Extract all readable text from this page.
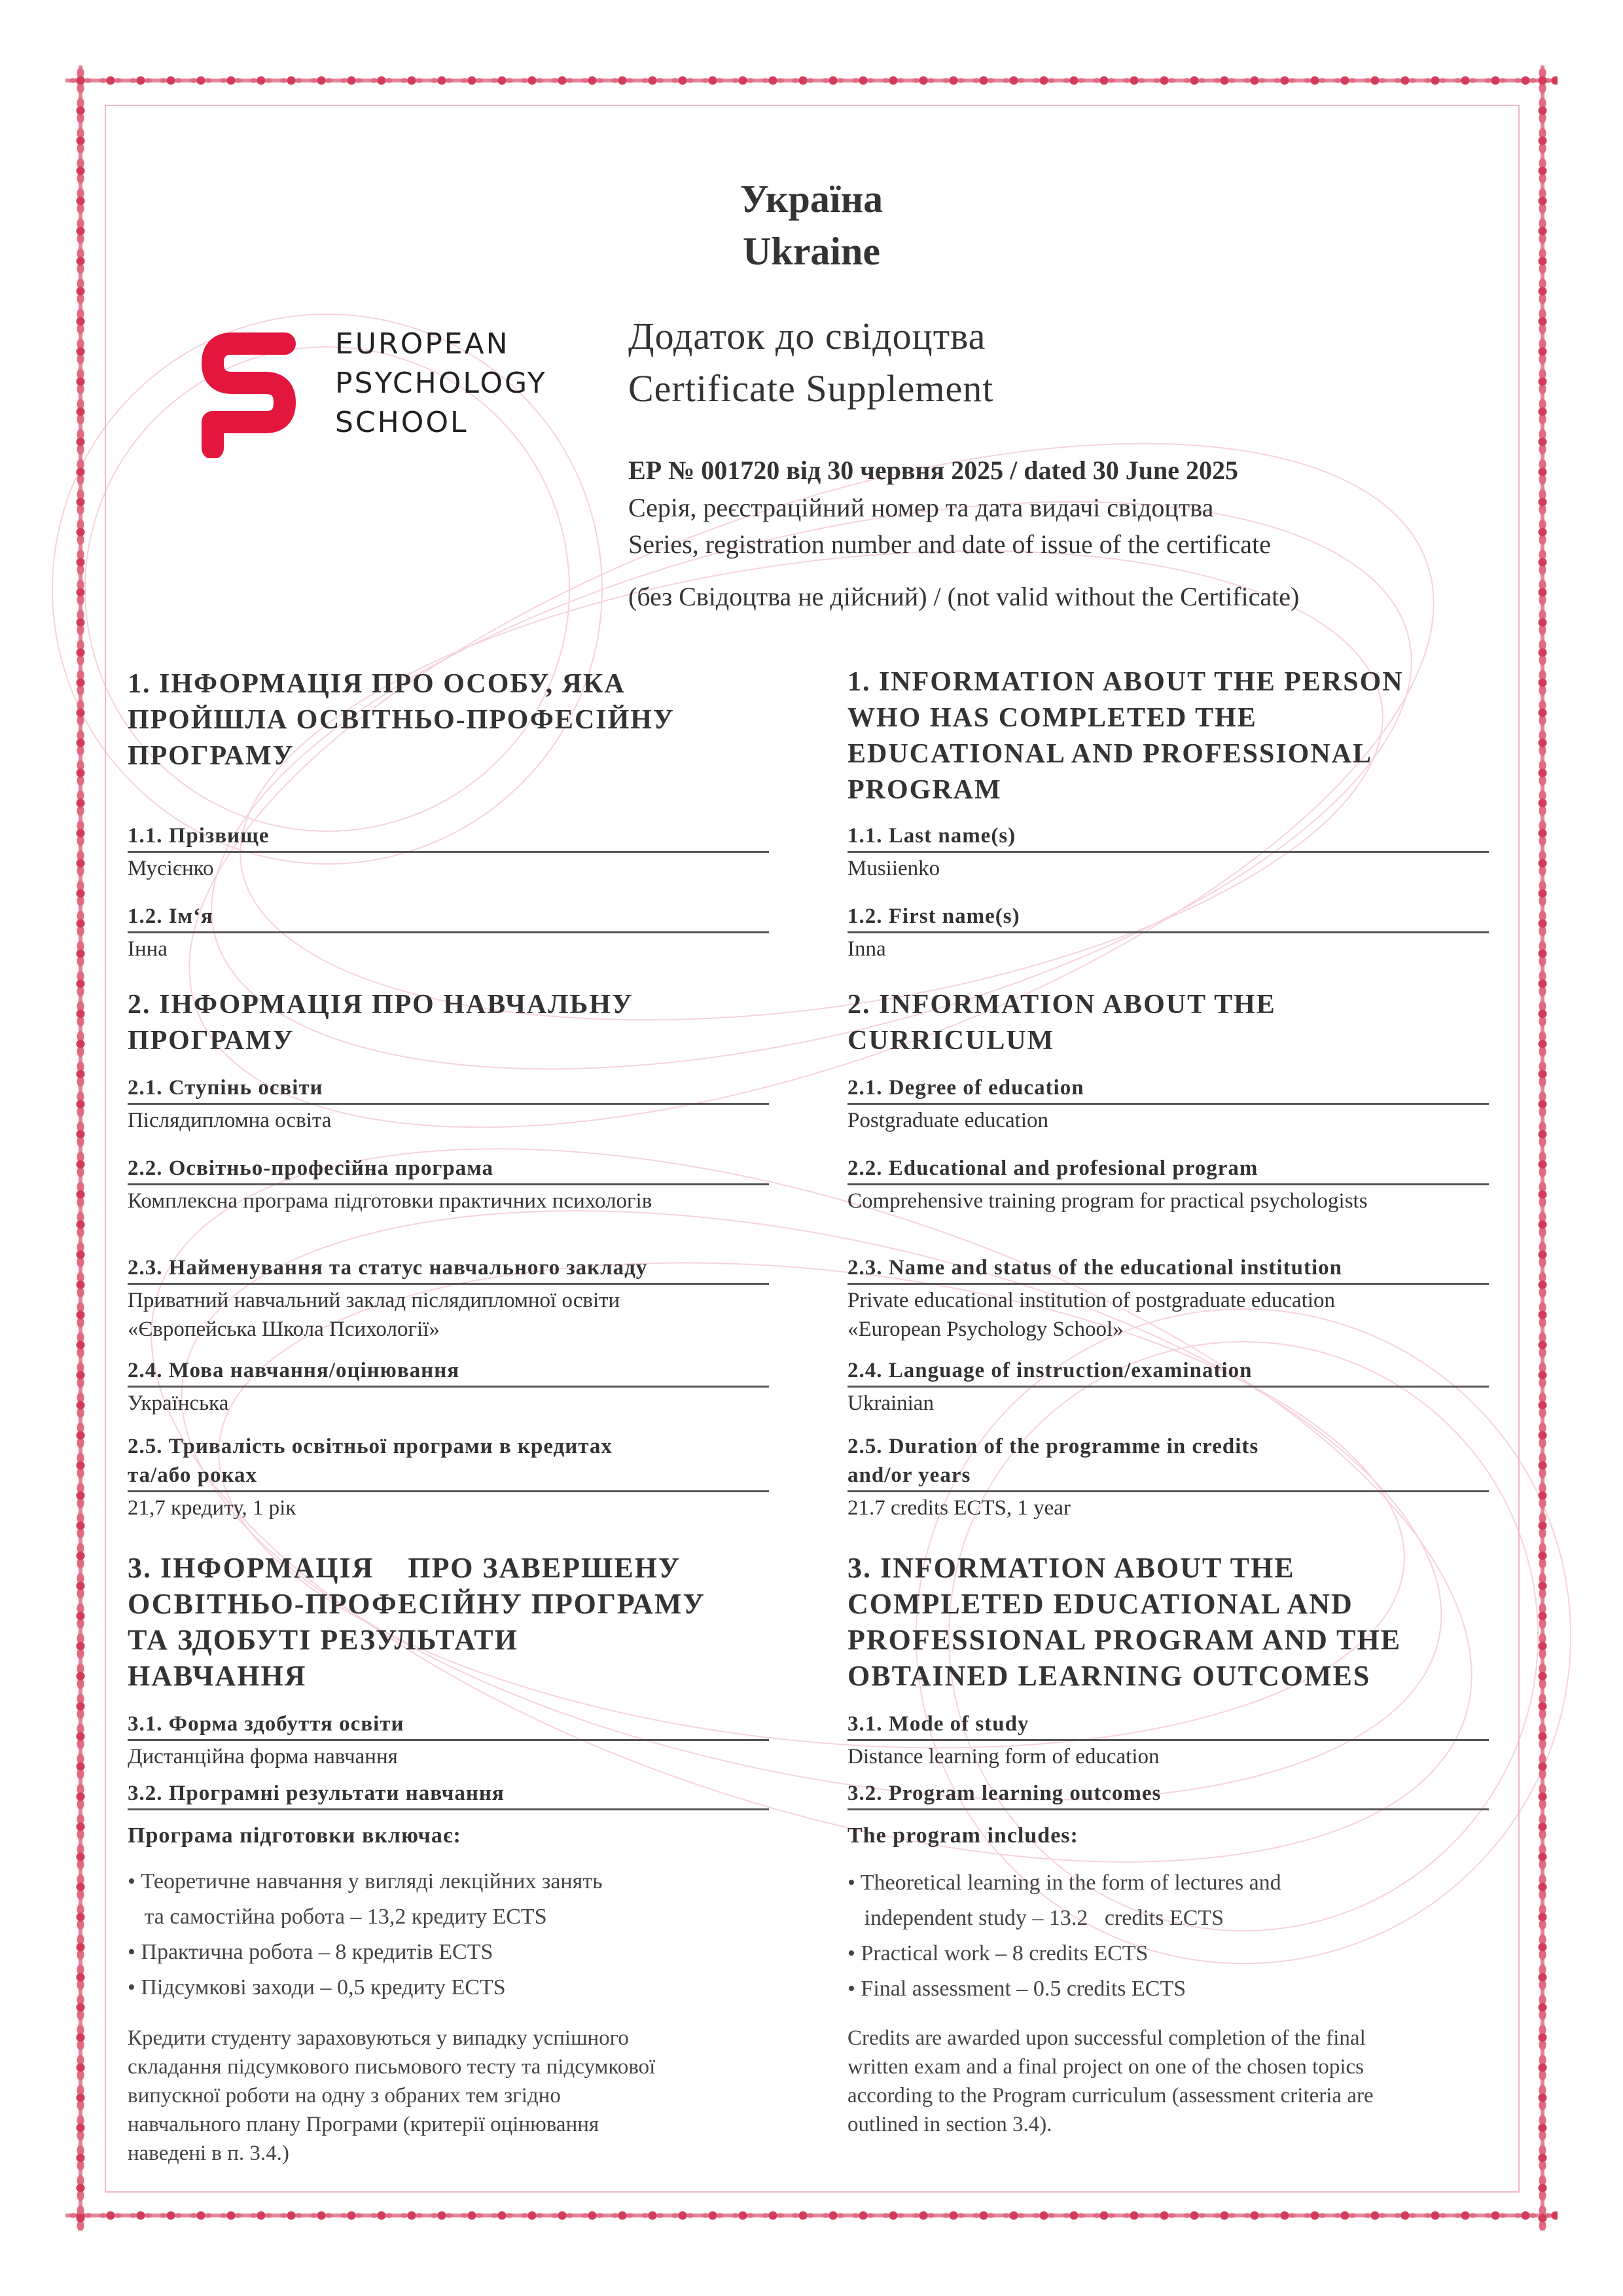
Україна
Ukraine
EUROPEAN
PSYCHOLOGY
SCHOOL
Додаток до свідоцтва
Certificate Supplement
ЕР № 001720 від 30 червня 2025 / dated 30 June 2025
Серія, реєстраційний номер та дата видачі свідоцтва
Series, registration number and date of issue of the certificate
(без Свідоцтва не дійсний) / (not valid without the Certificate)
1. ІНФОРМАЦІЯ ПРО ОСОБУ, ЯКА
ПРОЙШЛА ОСВІТНЬО-ПРОФЕСІЙНУ
ПРОГРАМУ
1.1. Прізвище
Мусієнко
1.2. Ім‘я
Інна
2. ІНФОРМАЦІЯ ПРО НАВЧАЛЬНУ
ПРОГРАМУ
2.1. Ступінь освіти
Післядипломна освіта
2.2. Освітньо-професійна програма
Комплексна програма підготовки практичних психологів
2.3. Найменування та статус навчального закладу
Приватний навчальний заклад післядипломної освіти
«Європейська Школа Психології»
2.4. Мова навчання/оцінювання
Українська
2.5. Тривалість освітньої програми в кредитах
та/або роках
21,7 кредиту, 1 рік
3. ІНФОРМАЦІЯ    ПРО ЗАВЕРШЕНУ
ОСВІТНЬО-ПРОФЕСІЙНУ ПРОГРАМУ
ТА ЗДОБУТІ РЕЗУЛЬТАТИ
НАВЧАННЯ
3.1. Форма здобуття освіти
Дистанційна форма навчання
3.2. Програмні результати навчання
Програма підготовки включає:
• Теоретичне навчання у вигляді лекційних занять
та самостійна робота – 13,2 кредиту ECTS
• Практична робота – 8 кредитів ECTS
• Підсумкові заходи – 0,5 кредиту ECTS
Кредити студенту зараховуються у випадку успішного
складання підсумкового письмового тесту та підсумкової
випускної роботи на одну з обраних тем згідно
навчального плану Програми (критерії оцінювання
наведені в п. 3.4.)
1. INFORMATION ABOUT THE PERSON
WHO HAS COMPLETED THE
EDUCATIONAL AND PROFESSIONAL
PROGRAM
1.1. Last name(s)
Musiienko
1.2. First name(s)
Inna
2. INFORMATION ABOUT THE
CURRICULUM
2.1. Degree of education
Postgraduate education
2.2. Educational and profesional program
Comprehensive training program for practical psychologists
2.3. Name and status of the educational institution
Private educational institution of postgraduate education
«European Psychology School»
2.4. Language of instruction/examination
Ukrainian
2.5. Duration of the programme in credits
and/or years
21.7 credits ECTS, 1 year
3. INFORMATION ABOUT THE
COMPLETED EDUCATIONAL AND
PROFESSIONAL PROGRAM AND THE
OBTAINED LEARNING OUTCOMES
3.1. Mode of study
Distance learning form of education
3.2. Program learning outcomes
The program includes:
• Theoretical learning in the form of lectures and
independent study – 13.2   credits ECTS
• Practical work – 8 credits ECTS
• Final assessment – 0.5 credits ECTS
Credits are awarded upon successful completion of the final
written exam and a final project on one of the chosen topics
according to the Program curriculum (assessment criteria are
outlined in section 3.4).
